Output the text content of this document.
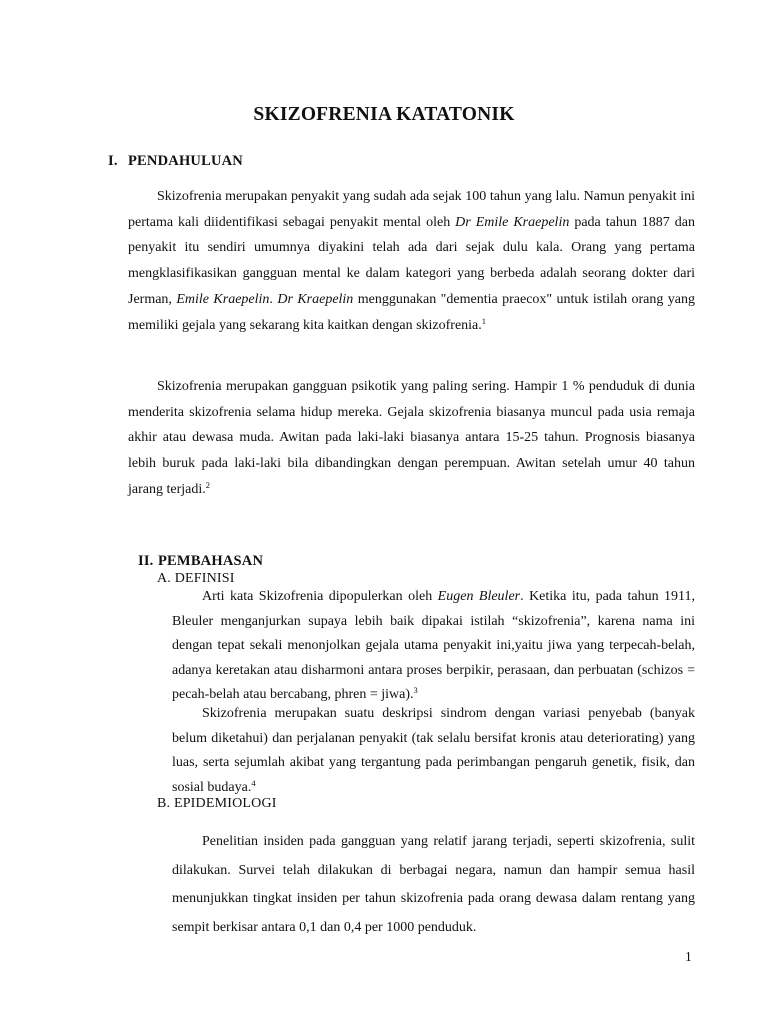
SKIZOFRENIA KATATONIK
I. PENDAHULUAN

Skizofrenia merupakan penyakit yang sudah ada sejak 100 tahun yang lalu. Namun penyakit ini pertama kali diidentifikasi sebagai penyakit mental oleh Dr Emile Kraepelin pada tahun 1887 dan penyakit itu sendiri umumnya diyakini telah ada dari sejak dulu kala. Orang yang pertama mengklasifikasikan gangguan mental ke dalam kategori yang berbeda adalah seorang dokter dari Jerman, Emile Kraepelin. Dr Kraepelin menggunakan "dementia praecox" untuk istilah orang yang memiliki gejala yang sekarang kita kaitkan dengan skizofrenia.$^1$

Skizofrenia merupakan gangguan psikotik yang paling sering. Hampir 1 % penduduk di dunia menderita skizofrenia selama hidup mereka. Gejala skizofrenia biasanya muncul pada usia remaja akhir atau dewasa muda. Awitan pada laki-laki biasanya antara 15-25 tahun. Prognosis biasanya lebih buruk pada laki-laki bila dibandingkan dengan perempuan. Awitan setelah umur 40 tahun jarang terjadi.$^2$

II. PEMBAHASAN
A. DEFINISI

Arti kata Skizofrenia dipopulerkan oleh Eugen Bleuler. Ketika itu, pada tahun 1911, Bleuler menganjurkan supaya lebih baik dipakai istilah “skizofrenia”, karena nama ini dengan tepat sekali menonjolkan gejala utama penyakit ini,yaitu jiwa yang terpecah-belah, adanya keretakan atau disharmoni antara proses berpikir, perasaan, dan perbuatan (schizos = pecah-belah atau bercabang, phren = jiwa).$^3$

Skizofrenia merupakan suatu deskripsi sindrom dengan variasi penyebab (banyak belum diketahui) dan perjalanan penyakit (tak selalu bersifat kronis atau deteriorating) yang luas, serta sejumlah akibat yang tergantung pada perimbangan pengaruh genetik, fisik, dan sosial budaya.$^4$

B. EPIDEMIOLOGI

Penelitian insiden pada gangguan yang relatif jarang terjadi, seperti skizofrenia, sulit dilakukan. Survei telah dilakukan di berbagai negara, namun dan hampir semua hasil menunjukkan tingkat insiden per tahun skizofrenia pada orang dewasa dalam rentang yang sempit berkisar antara 0,1 dan 0,4 per 1000 penduduk.

1
